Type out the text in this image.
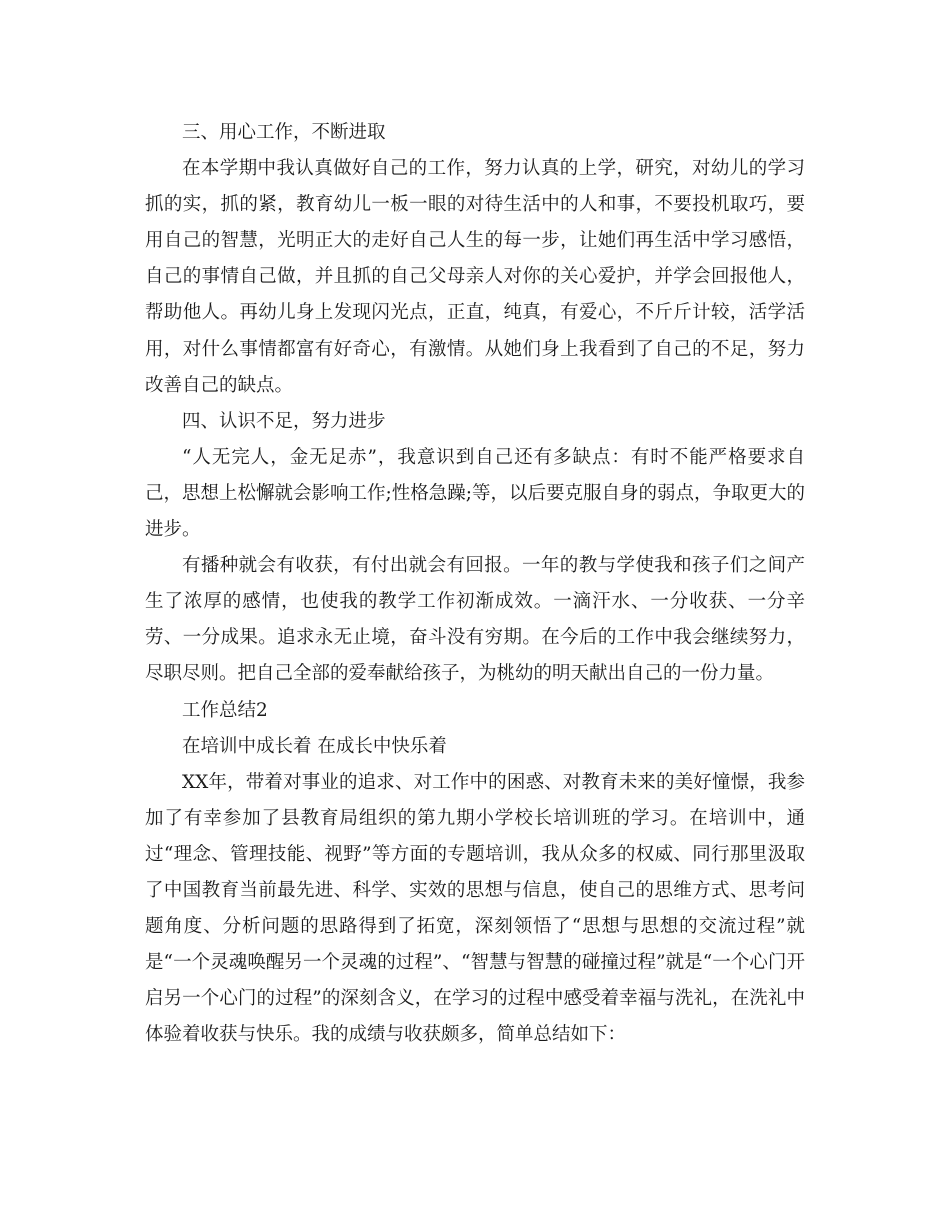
三、用心工作，不断进取

在本学期中我认真做好自己的工作，努力认真的上学，研究，对幼儿的学习抓的实，抓的紧，教育幼儿一板一眼的对待生活中的人和事，不要投机取巧，要用自己的智慧，光明正大的走好自己人生的每一步，让她们再生活中学习感悟，自己的事情自己做，并且抓的自己父母亲人对你的关心爱护，并学会回报他人，帮助他人。再幼儿身上发现闪光点，正直，纯真，有爱心，不斤斤计较，活学活用，对什么事情都富有好奇心，有激情。从她们身上我看到了自己的不足，努力改善自己的缺点。

四、认识不足，努力进步

“人无完人，金无足赤”，我意识到自己还有多缺点：有时不能严格要求自己，思想上松懈就会影响工作;性格急躁;等，以后要克服自身的弱点，争取更大的进步。

有播种就会有收获，有付出就会有回报。一年的教与学使我和孩子们之间产生了浓厚的感情，也使我的教学工作初渐成效。一滴汗水、一分收获、一分辛劳、一分成果。追求永无止境，奋斗没有穷期。在今后的工作中我会继续努力，尽职尽则。把自己全部的爱奉献给孩子，为桃幼的明天献出自己的一份力量。

工作总结2

在培训中成长着 在成长中快乐着

XX年，带着对事业的追求、对工作中的困惑、对教育未来的美好憧憬，我参加了有幸参加了县教育局组织的第九期小学校长培训班的学习。在培训中，通过“理念、管理技能、视野”等方面的专题培训，我从众多的权威、同行那里汲取了中国教育当前最先进、科学、实效的思想与信息，使自己的思维方式、思考问题角度、分析问题的思路得到了拓宽，深刻领悟了“思想与思想的交流过程”就是“一个灵魂唤醒另一个灵魂的过程”、“智慧与智慧的碰撞过程”就是“一个心门开启另一个心门的过程”的深刻含义，在学习的过程中感受着幸福与洗礼，在洗礼中体验着收获与快乐。我的成绩与收获颇多，简单总结如下：
